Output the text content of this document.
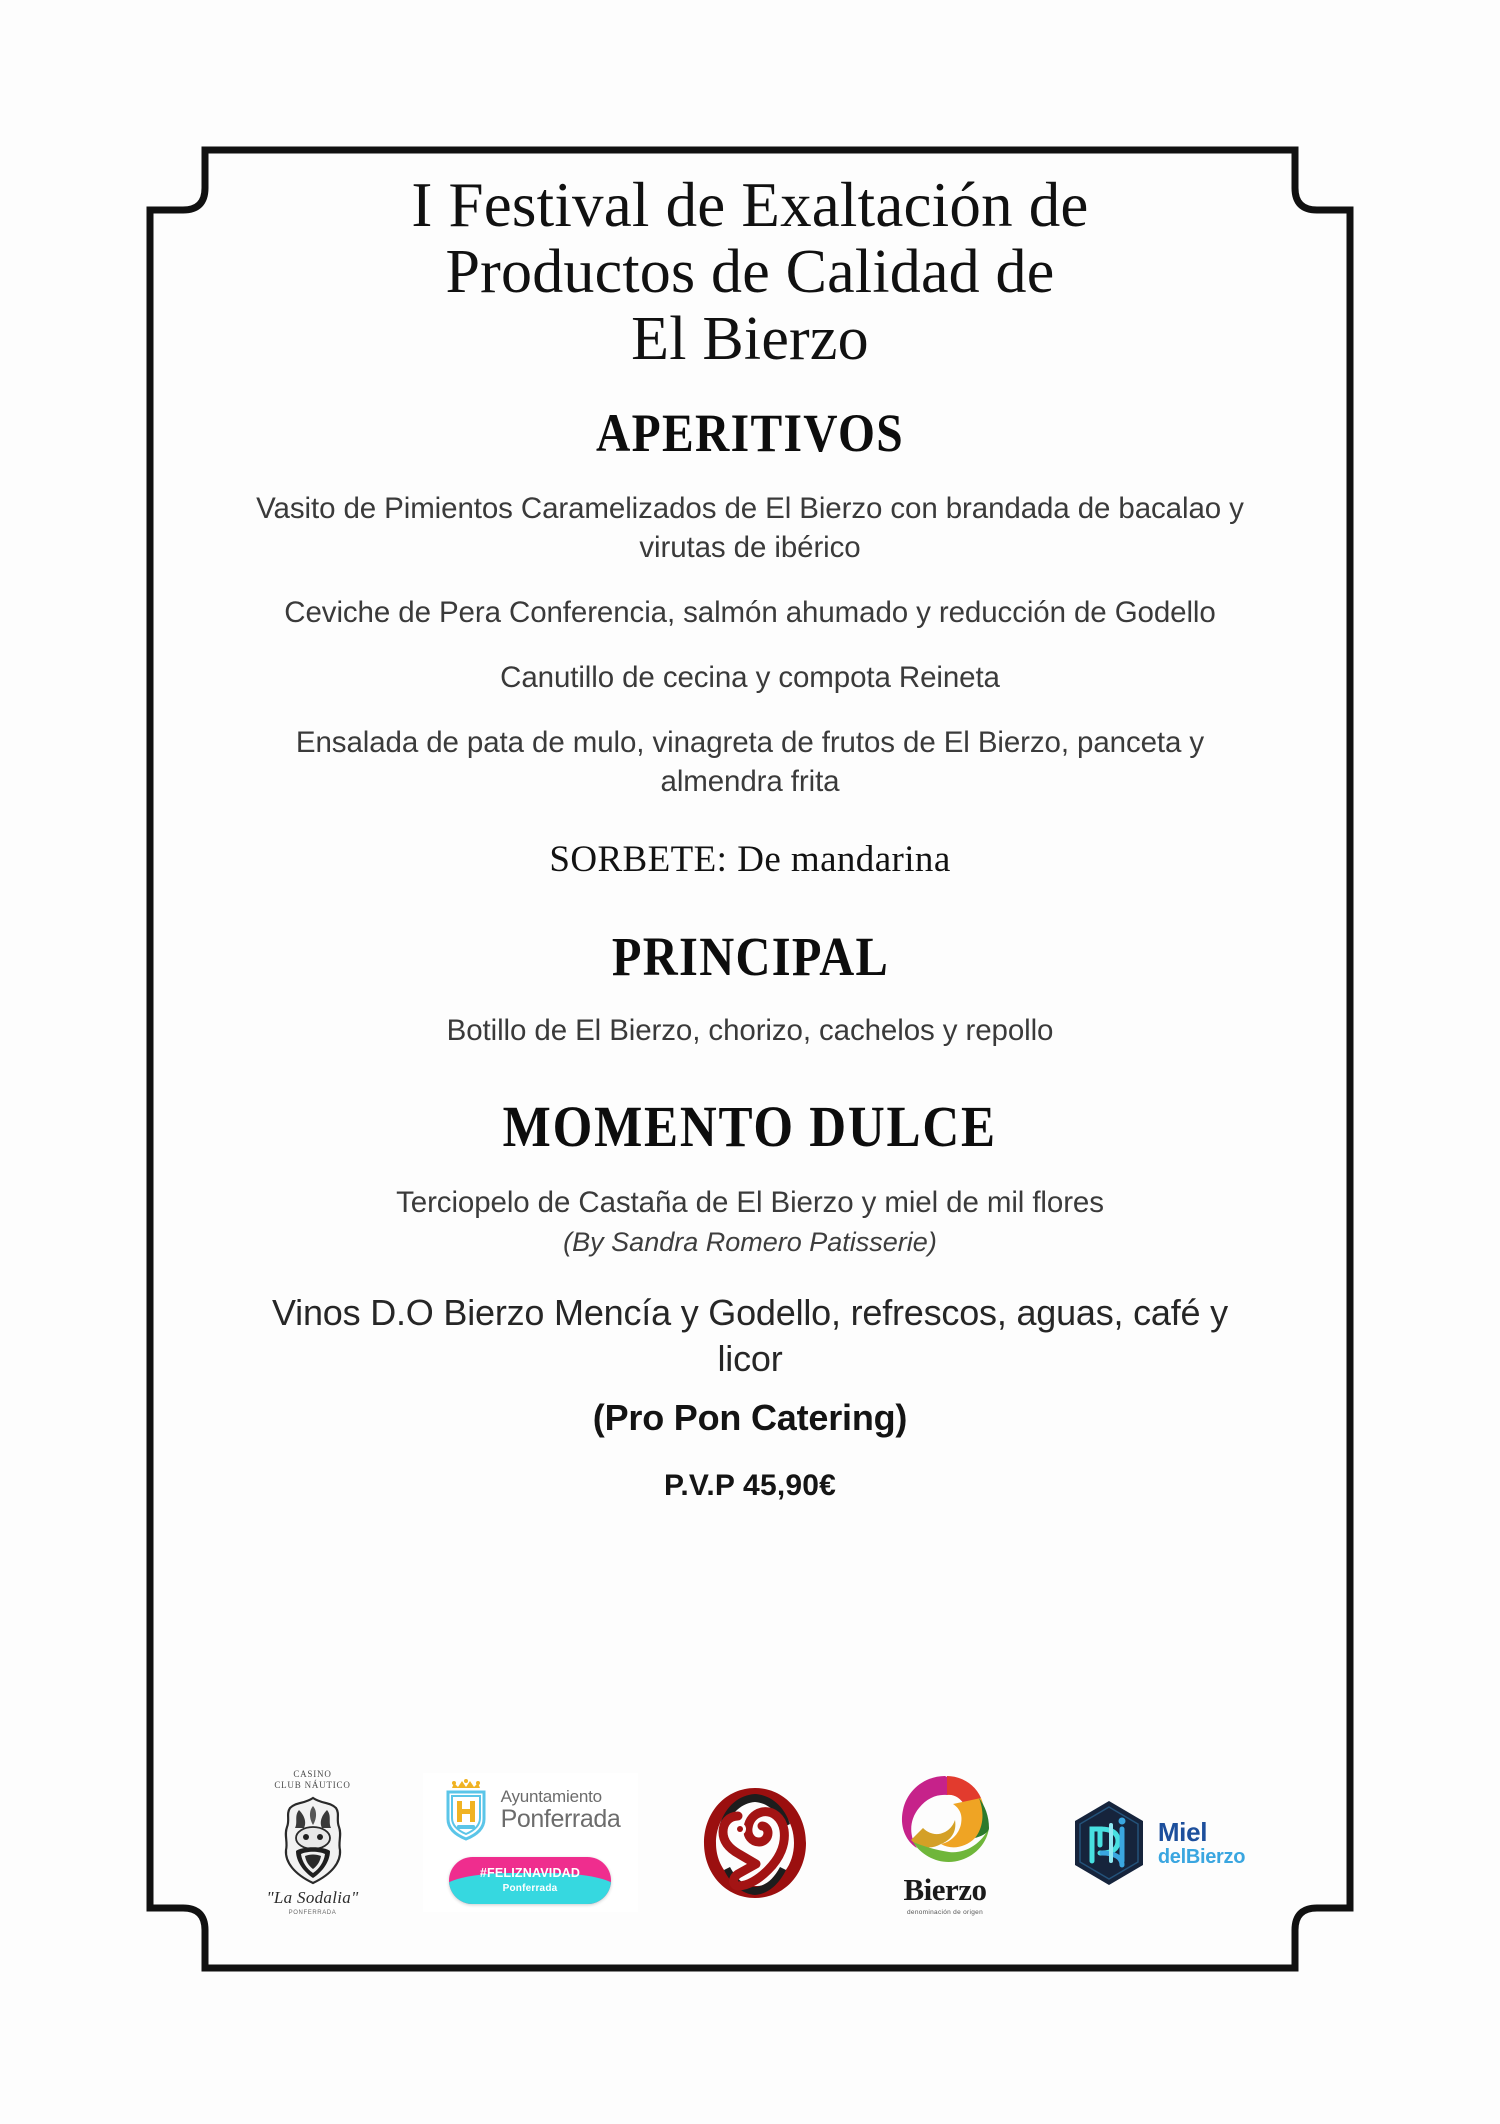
I Festival de Exaltación de
Productos de Calidad de
El Bierzo
APERITIVOS
Vasito de Pimientos Caramelizados de El Bierzo con brandada de bacalao y virutas de ibérico
Ceviche de Pera Conferencia, salmón ahumado y reducción de Godello
Canutillo de cecina y compota Reineta
Ensalada de pata de mulo, vinagreta de frutos de El Bierzo, panceta y almendra frita
SORBETE: De mandarina
PRINCIPAL
Botillo de El Bierzo, chorizo, cachelos y repollo
MOMENTO DULCE
Terciopelo de Castaña de El Bierzo y miel de mil flores
(By Sandra Romero Patisserie)
Vinos D.O Bierzo Mencía y Godello, refrescos, aguas, café y licor
(Pro Pon Catering)
P.V.P 45,90€
CASINO
CLUB NÁUTICO
"La Sodalia"
PONFERRADA
Ayuntamiento
Ponferrada
#FELIZNAVIDAD
Ponferrada	Bierzo
denominación de origen
Miel
delBierzo
